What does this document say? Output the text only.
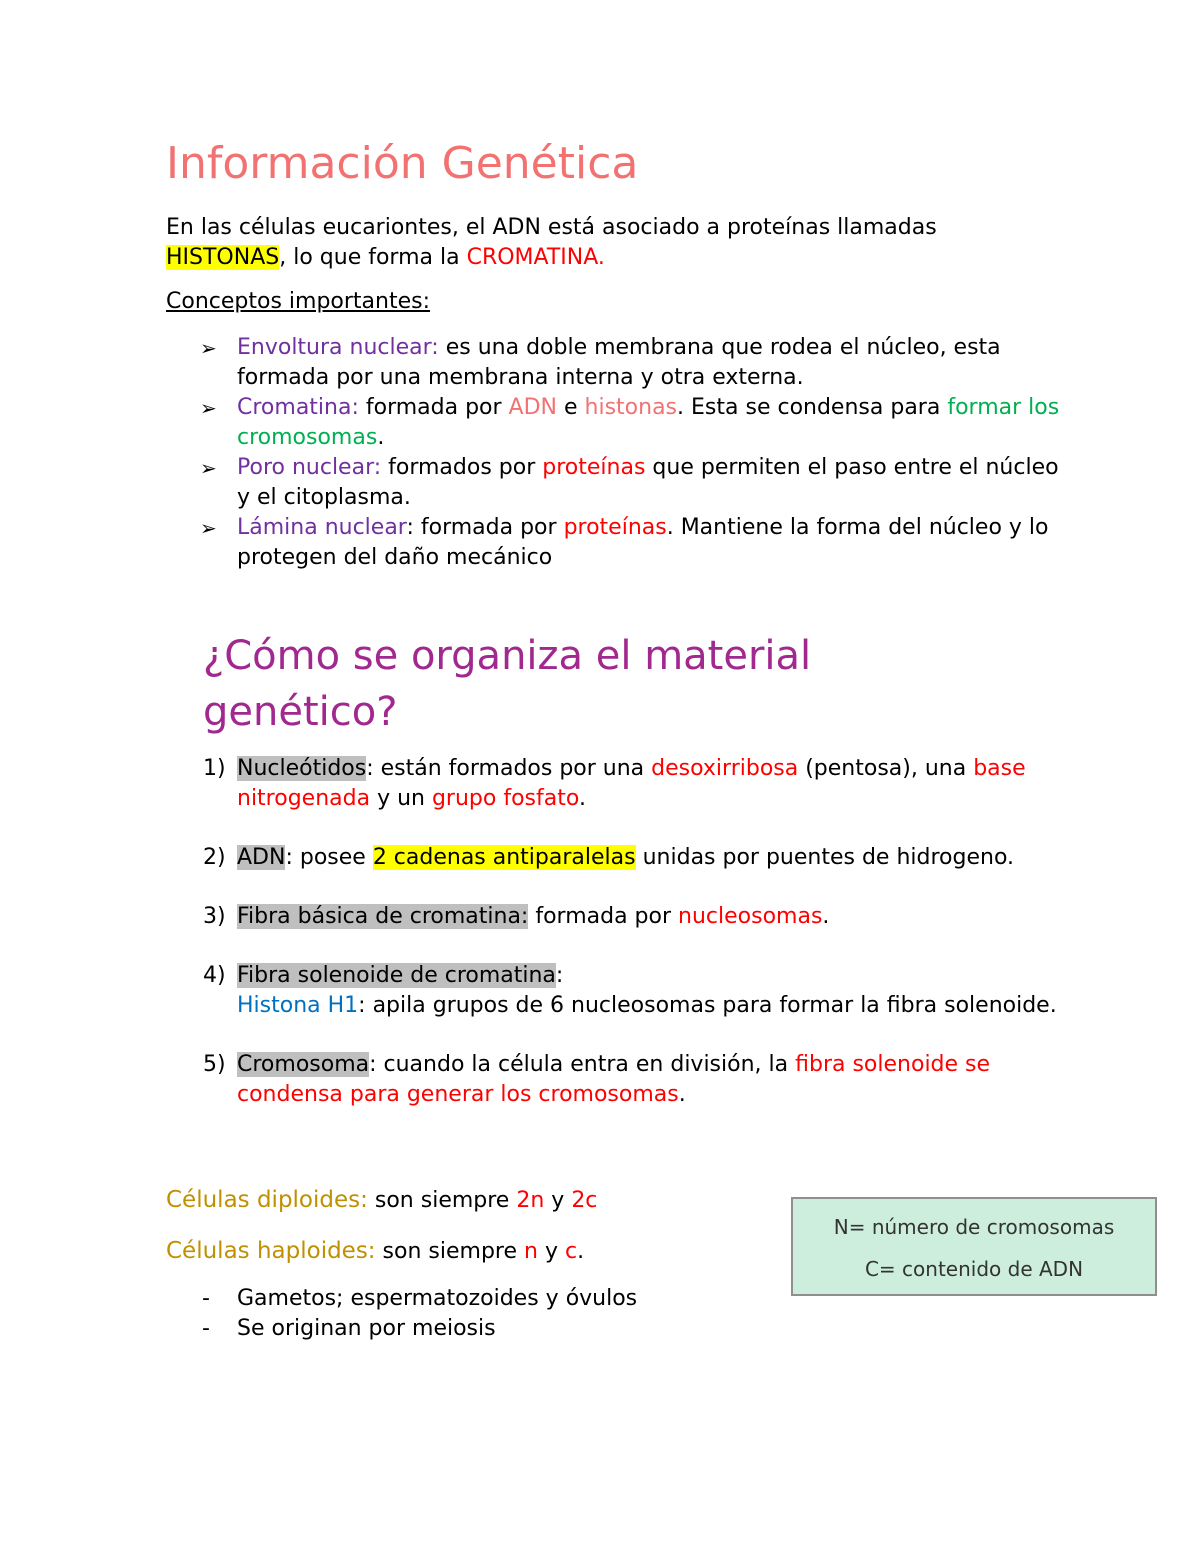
Información Genética

En las células eucariontes, el ADN está asociado a proteínas llamadas HISTONAS, lo que forma la CROMATINA.

Conceptos importantes:

➢ Envoltura nuclear: es una doble membrana que rodea el núcleo, esta formada por una membrana interna y otra externa.
➢ Cromatina: formada por ADN e histonas. Esta se condensa para formar los cromosomas.
➢ Poro nuclear: formados por proteínas que permiten el paso entre el núcleo y el citoplasma.
➢ Lámina nuclear: formada por proteínas. Mantiene la forma del núcleo y lo protegen del daño mecánico
¿Cómo se organiza el material genético?
1) Nucleótidos: están formados por una desoxirribosa (pentosa), una base nitrogenada y un grupo fosfato.
2) ADN: posee 2 cadenas antiparalelas unidas por puentes de hidrogeno.
3) Fibra básica de cromatina: formada por nucleosomas.
4) Fibra solenoide de cromatina:
Histona H1: apila grupos de 6 nucleosomas para formar la fibra solenoide.
5) Cromosoma: cuando la célula entra en división, la fibra solenoide se condensa para generar los cromosomas.

Células diploides: son siempre 2n y 2c

Células haploides: son siempre n y c.

- Gametos; espermatozoides y óvulos
- Se originan por meiosis
N= número de cromosomas
C= contenido de ADN
